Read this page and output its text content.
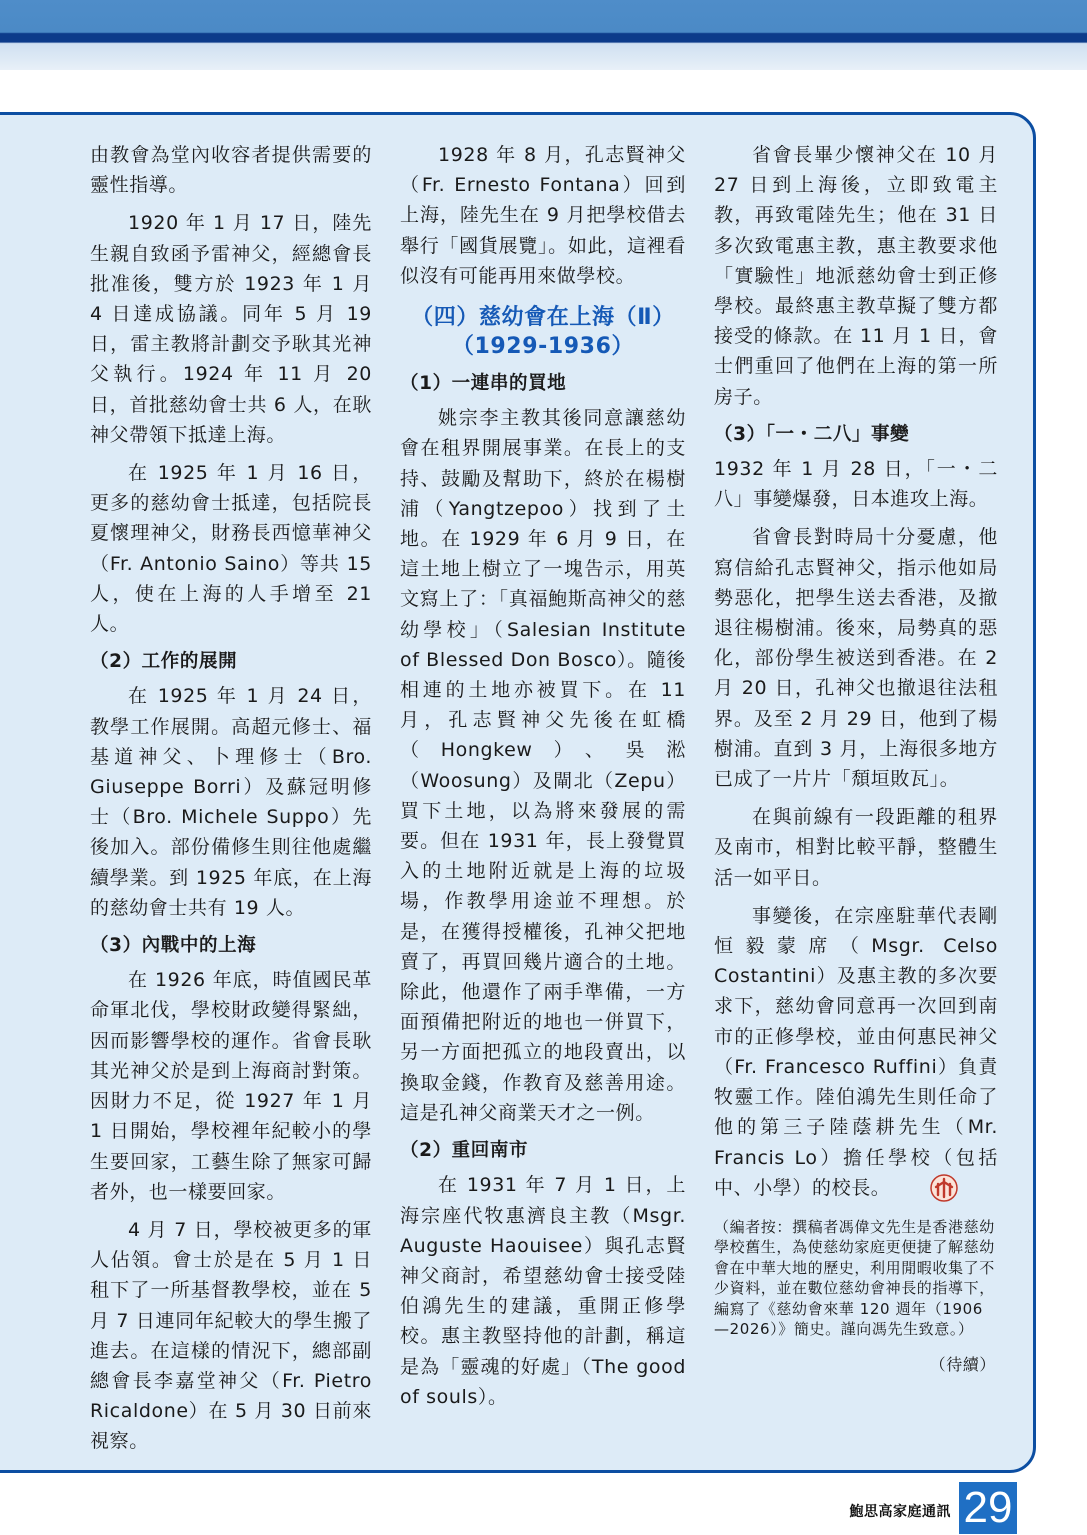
由教會為堂內收容者提供需要的靈性指導。

1920 年 1 月 17 日，陸先生親自致函予雷神父，經總會長批准後，雙方於 1923 年 1 月 4 日達成協議。同年 5 月 19 日，雷主教將計劃交予耿其光神父執行。1924 年 11 月 20 日，首批慈幼會士共 6 人，在耿神父帶領下抵達上海。

在 1925 年 1 月 16 日，更多的慈幼會士抵達，包括院長夏懷理神父，財務長西憶華神父（Fr. Antonio Saino）等共 15 人，使在上海的人手增至 21 人。

（2）工作的展開

在 1925 年 1 月 24 日，教學工作展開。高超元修士、福基道神父、卜理修士（Bro. Giuseppe Borri）及蘇冠明修士（Bro. Michele Suppo）先後加入。部份備修生則往他處繼續學業。到 1925 年底，在上海的慈幼會士共有 19 人。

（3）內戰中的上海

在 1926 年底，時值國民革命軍北伐，學校財政變得緊絀，因而影響學校的運作。省會長耿其光神父於是到上海商討對策。因財力不足，從 1927 年 1 月 1 日開始，學校裡年紀較小的學生要回家，工藝生除了無家可歸者外，也一樣要回家。

4 月 7 日，學校被更多的軍人佔領。會士於是在 5 月 1 日租下了一所基督教學校，並在 5 月 7 日連同年紀較大的學生搬了進去。在這樣的情況下，總部副總會長李嘉堂神父（Fr. Pietro Ricaldone）在 5 月 30 日前來視察。

1928 年 8 月，孔志賢神父（Fr. Ernesto Fontana）回到上海，陸先生在 9 月把學校借去舉行「國貨展覽」。如此，這裡看似沒有可能再用來做學校。

（四）慈幼會在上海（Ⅱ）
（1929-1936）
（1）一連串的買地

姚宗李主教其後同意讓慈幼會在租界開展事業。在長上的支持、鼓勵及幫助下，終於在楊樹浦（Yangtzepoo）找到了土地。在 1929 年 6 月 9 日，在這土地上樹立了一塊告示，用英文寫上了：「真福鮑斯高神父的慈幼學校」（Salesian Institute of Blessed Don Bosco）。隨後相連的土地亦被買下。在 11 月，孔志賢神父先後在虹橋（Hongkew）、吳淞（Woosung）及閘北（Zepu）買下土地，以為將來發展的需要。但在 1931 年，長上發覺買入的土地附近就是上海的垃圾場，作教學用途並不理想。於是，在獲得授權後，孔神父把地賣了，再買回幾片適合的土地。除此，他還作了兩手準備，一方面預備把附近的地也一併買下，另一方面把孤立的地段賣出，以換取金錢，作教育及慈善用途。這是孔神父商業天才之一例。

（2）重回南市

在 1931 年 7 月 1 日，上海宗座代牧惠濟良主教（Msgr. Auguste Haouisee）與孔志賢神父商討，希望慈幼會士接受陸伯鴻先生的建議，重開正修學校。惠主教堅持他的計劃，稱這是為「靈魂的好處」（The good of souls）。

省會長畢少懷神父在 10 月 27 日到上海後，立即致電主教，再致電陸先生；他在 31 日多次致電惠主教，惠主教要求他「實驗性」地派慈幼會士到正修學校。最終惠主教草擬了雙方都接受的條款。在 11 月 1 日，會士們重回了他們在上海的第一所房子。

（3）「一・二八」事變

1932 年 1 月 28 日，「一・二八」事變爆發，日本進攻上海。

省會長對時局十分憂慮，他寫信給孔志賢神父，指示他如局勢惡化，把學生送去香港，及撤退往楊樹浦。後來，局勢真的惡化，部份學生被送到香港。在 2 月 20 日，孔神父也撤退往法租界。及至 2 月 29 日，他到了楊樹浦。直到 3 月，上海很多地方已成了一片片「頹垣敗瓦」。

在與前線有一段距離的租界及南市，相對比較平靜，整體生活一如平日。

事變後，在宗座駐華代表剛恒毅蒙席（Msgr. Celso Costantini）及惠主教的多次要求下，慈幼會同意再一次回到南市的正修學校，並由何惠民神父（Fr. Francesco Ruffini）負責牧靈工作。陸伯鴻先生則任命了他的第三子陸蔭耕先生（Mr. Francis Lo）擔任學校（包括中、小學）的校長。

（編者按：撰稿者馮偉文先生是香港慈幼學校舊生，為使慈幼家庭更便捷了解慈幼會在中華大地的歷史，利用閒暇收集了不少資料，並在數位慈幼會神長的指導下，編寫了《慈幼會來華 120 週年（1906—2026）》簡史。謹向馮先生致意。）
（待續）
鮑思高家庭通訊 29
